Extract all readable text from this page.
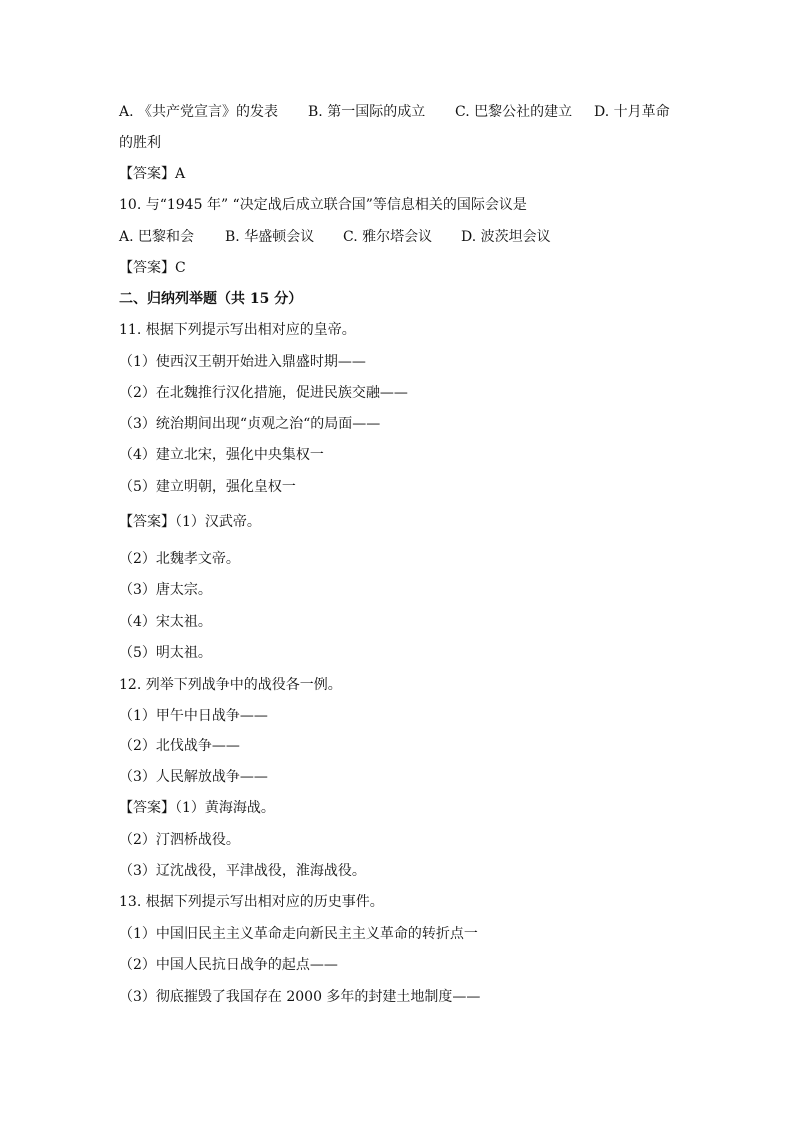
A. 《共产党宣言》的发表 B. 第一国际的成立 C. 巴黎公社的建立 D. 十月革命
的胜利
【答案】A
10. 与“1945 年” “决定战后成立联合国”等信息相关的国际会议是
A. 巴黎和会 B. 华盛顿会议 C. 雅尔塔会议 D. 波茨坦会议
【答案】C
二、归纳列举题（共 15 分）
11. 根据下列提示写出相对应的皇帝。
（1）使西汉王朝开始进入鼎盛时期——
（2）在北魏推行汉化措施，促进民族交融——
（3）统治期间出现“贞观之治“的局面——
（4）建立北宋，强化中央集权一
（5）建立明朝，强化皇权一
【答案】（1）汉武帝。
（2）北魏孝文帝。
（3）唐太宗。
（4）宋太祖。
（5）明太祖。
12. 列举下列战争中的战役各一例。
（1）甲午中日战争——
（2）北伐战争——
（3）人民解放战争——
【答案】（1）黄海海战。
（2）汀泗桥战役。
（3）辽沈战役，平津战役，淮海战役。
13. 根据下列提示写出相对应的历史事件。
（1）中国旧民主主义革命走向新民主主义革命的转折点一
（2）中国人民抗日战争的起点——
（3）彻底摧毁了我国存在 2000 多年的封建土地制度——
